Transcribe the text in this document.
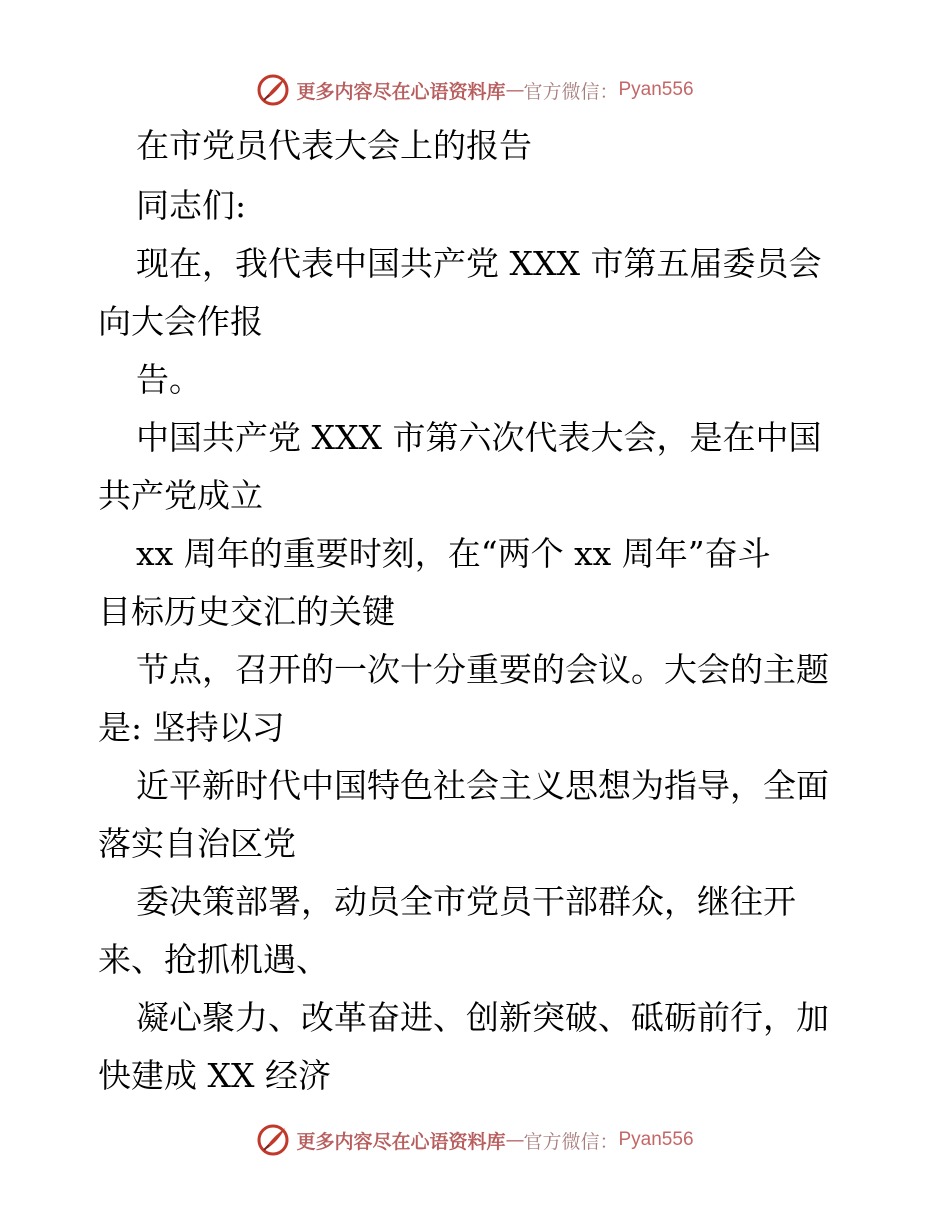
更多内容尽在心语资料库 — 官方微信： Pyan556
在市党员代表大会上的报告
同志们:
现在，我代表中国共产党 XXX 市第五届委员会
向大会作报
告。
中国共产党 XXX 市第六次代表大会，是在中国
共产党成立
xx 周年的重要时刻，在“两个 xx 周年”奋斗
目标历史交汇的关键
节点，召开的一次十分重要的会议。大会的主题
是: 坚持以习
近平新时代中国特色社会主义思想为指导，全面
落实自治区党
委决策部署，动员全市党员干部群众，继往开
来、抢抓机遇、
凝心聚力、改革奋进、创新突破、砥砺前行，加
快建成 XX 经济
更多内容尽在心语资料库 — 官方微信： Pyan556
